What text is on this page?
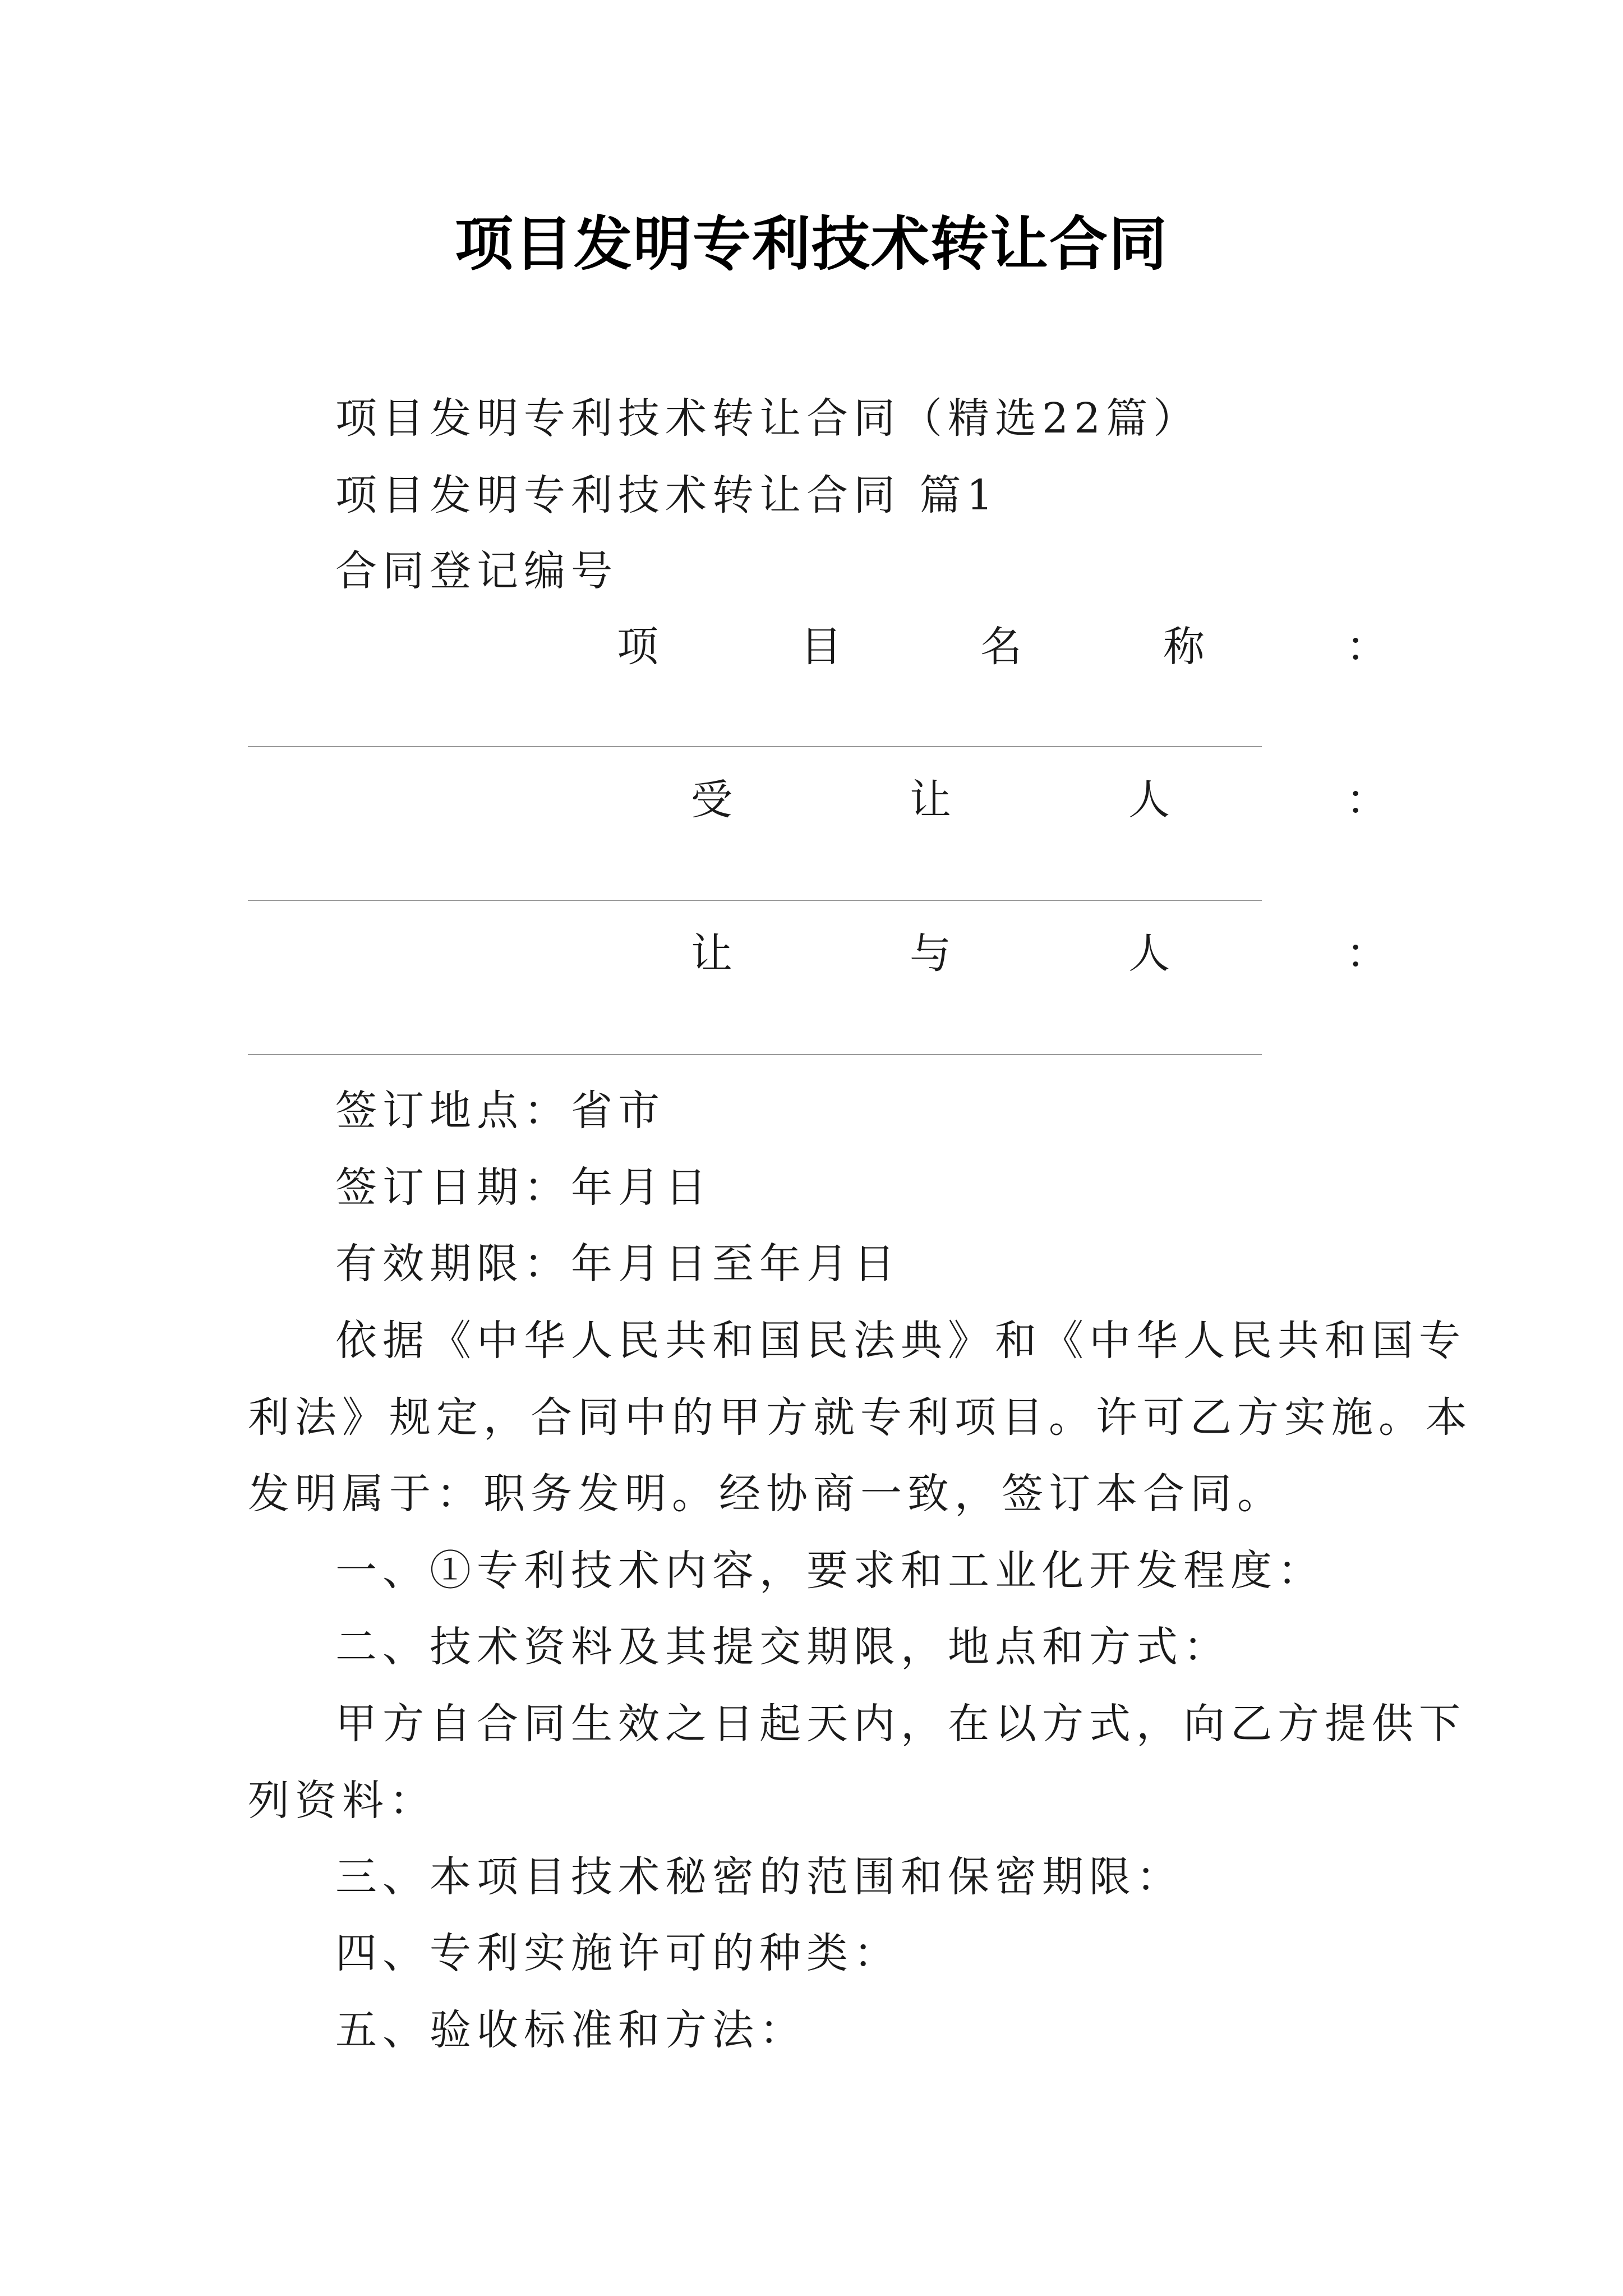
项目发明专利技术转让合同
项目发明专利技术转让合同（精选22篇）
项目发明专利技术转让合同 篇1
合同登记编号
项	目	名	称	：
受	让	人	：
让	与	人	：
签订地点：省市
签订日期：年月日
有效期限：年月日至年月日
依据《中华人民共和国民法典》和《中华人民共和国专
利法》规定，合同中的甲方就专利项目。许可乙方实施。本
发明属于：职务发明。经协商一致，签订本合同。
一、①专利技术内容，要求和工业化开发程度：
二、技术资料及其提交期限，地点和方式：
甲方自合同生效之日起天内，在以方式，向乙方提供下
列资料：
三、本项目技术秘密的范围和保密期限：
四、专利实施许可的种类：
五、验收标准和方法：
